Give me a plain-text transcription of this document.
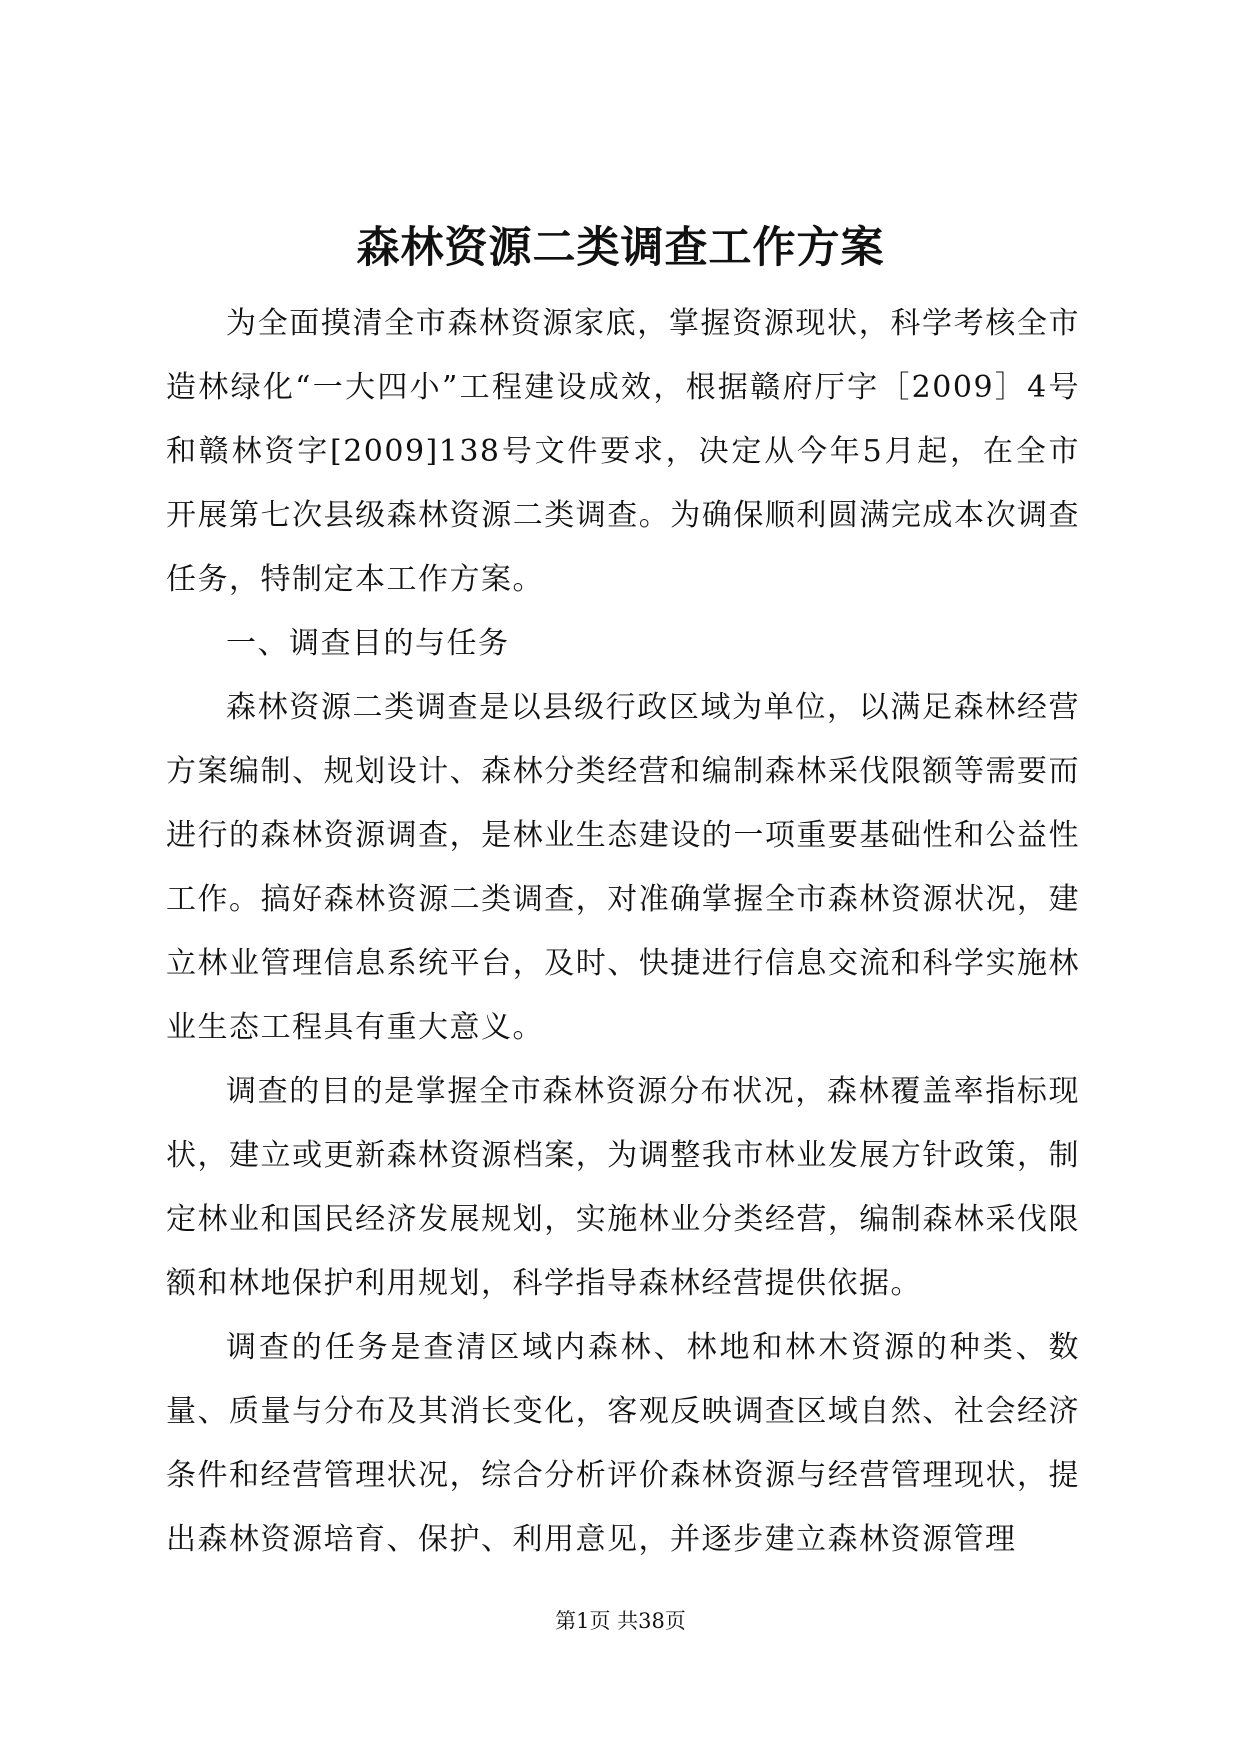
森林资源二类调查工作方案

为全面摸清全市森林资源家底，掌握资源现状，科学考核全市造林绿化“一大四小”工程建设成效，根据赣府厅字［2009］4号和赣林资字[2009]138号文件要求，决定从今年5月起，在全市开展第七次县级森林资源二类调查。为确保顺利圆满完成本次调查任务，特制定本工作方案。

一、调查目的与任务

森林资源二类调查是以县级行政区域为单位，以满足森林经营方案编制、规划设计、森林分类经营和编制森林采伐限额等需要而进行的森林资源调查，是林业生态建设的一项重要基础性和公益性工作。搞好森林资源二类调查，对准确掌握全市森林资源状况，建立林业管理信息系统平台，及时、快捷进行信息交流和科学实施林业生态工程具有重大意义。

调查的目的是掌握全市森林资源分布状况，森林覆盖率指标现状，建立或更新森林资源档案，为调整我市林业发展方针政策，制定林业和国民经济发展规划，实施林业分类经营，编制森林采伐限额和林地保护利用规划，科学指导森林经营提供依据。

调查的任务是查清区域内森林、林地和林木资源的种类、数量、质量与分布及其消长变化，客观反映调查区域自然、社会经济条件和经营管理状况，综合分析评价森林资源与经营管理现状，提出森林资源培育、保护、利用意见，并逐步建立森林资源管理

第1页 共38页
